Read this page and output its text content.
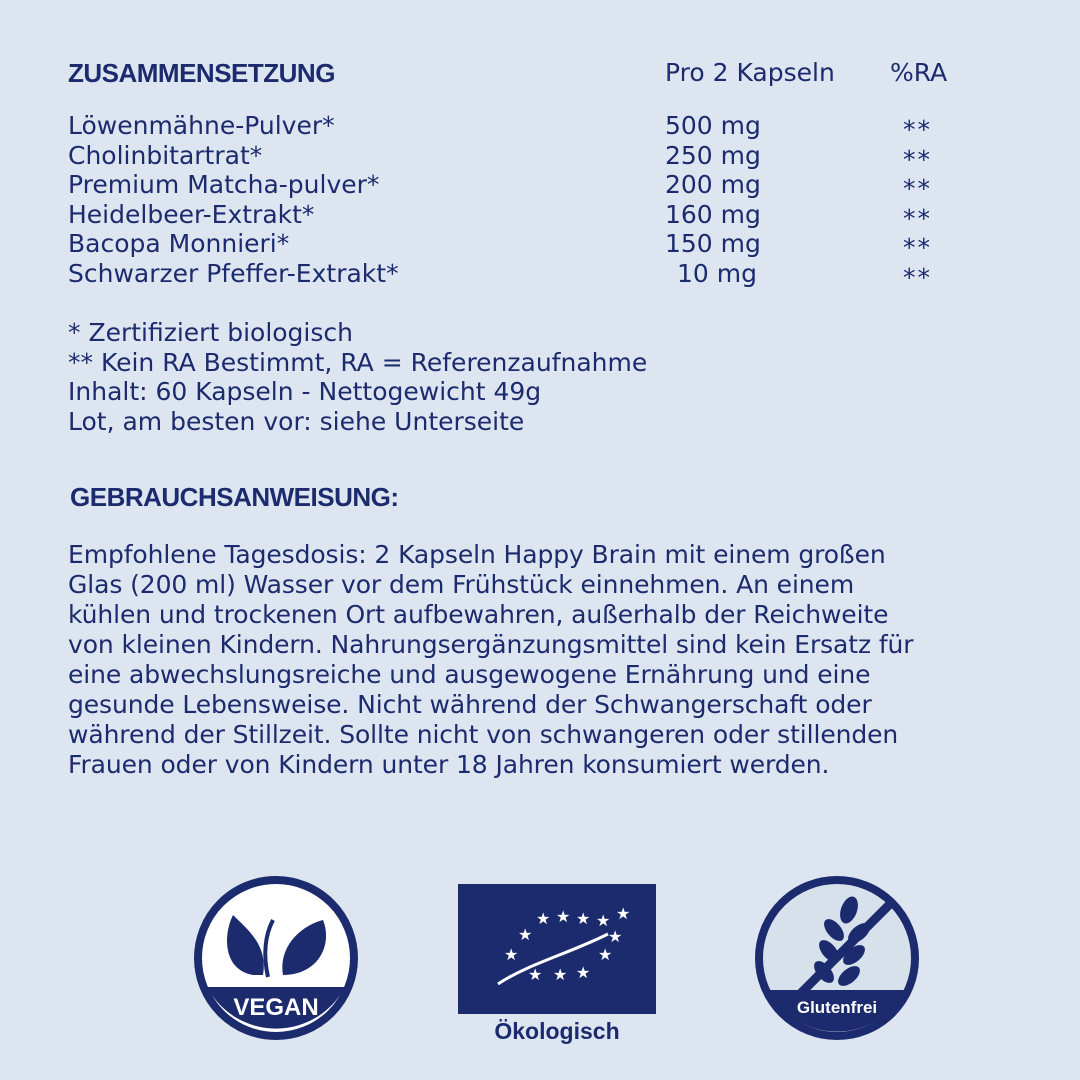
ZUSAMMENSETZUNG	Pro 2 Kapseln %RA
Löwenmähne-Pulver*	500 mg	**
Cholinbitartrat*	250 mg	**
Premium Matcha-pulver*	200 mg	**
Heidelbeer-Extrakt*	160 mg	**
Bacopa Monnieri*	150 mg	**
Schwarzer Pfeffer-Extrakt*	10 mg	**
* Zertifiziert biologisch
** Kein RA Bestimmt, RA = Referenzaufnahme
Inhalt: 60 Kapseln - Nettogewicht 49g
Lot, am besten vor: siehe Unterseite
GEBRAUCHSANWEISUNG:
Empfohlene Tagesdosis: 2 Kapseln Happy Brain mit einem großen
Glas (200 ml) Wasser vor dem Frühstück einnehmen. An einem
kühlen und trockenen Ort aufbewahren, außerhalb der Reichweite
von kleinen Kindern. Nahrungsergänzungsmittel sind kein Ersatz für
eine abwechslungsreiche und ausgewogene Ernährung und eine
gesunde Lebensweise. Nicht während der Schwangerschaft oder
während der Stillzeit. Sollte nicht von schwangeren oder stillenden
Frauen oder von Kindern unter 18 Jahren konsumiert werden.
VEGAN
★ ★ ★ ★ ★
★	★
★	★
★ ★ ★
Ökologisch
Glutenfrei
